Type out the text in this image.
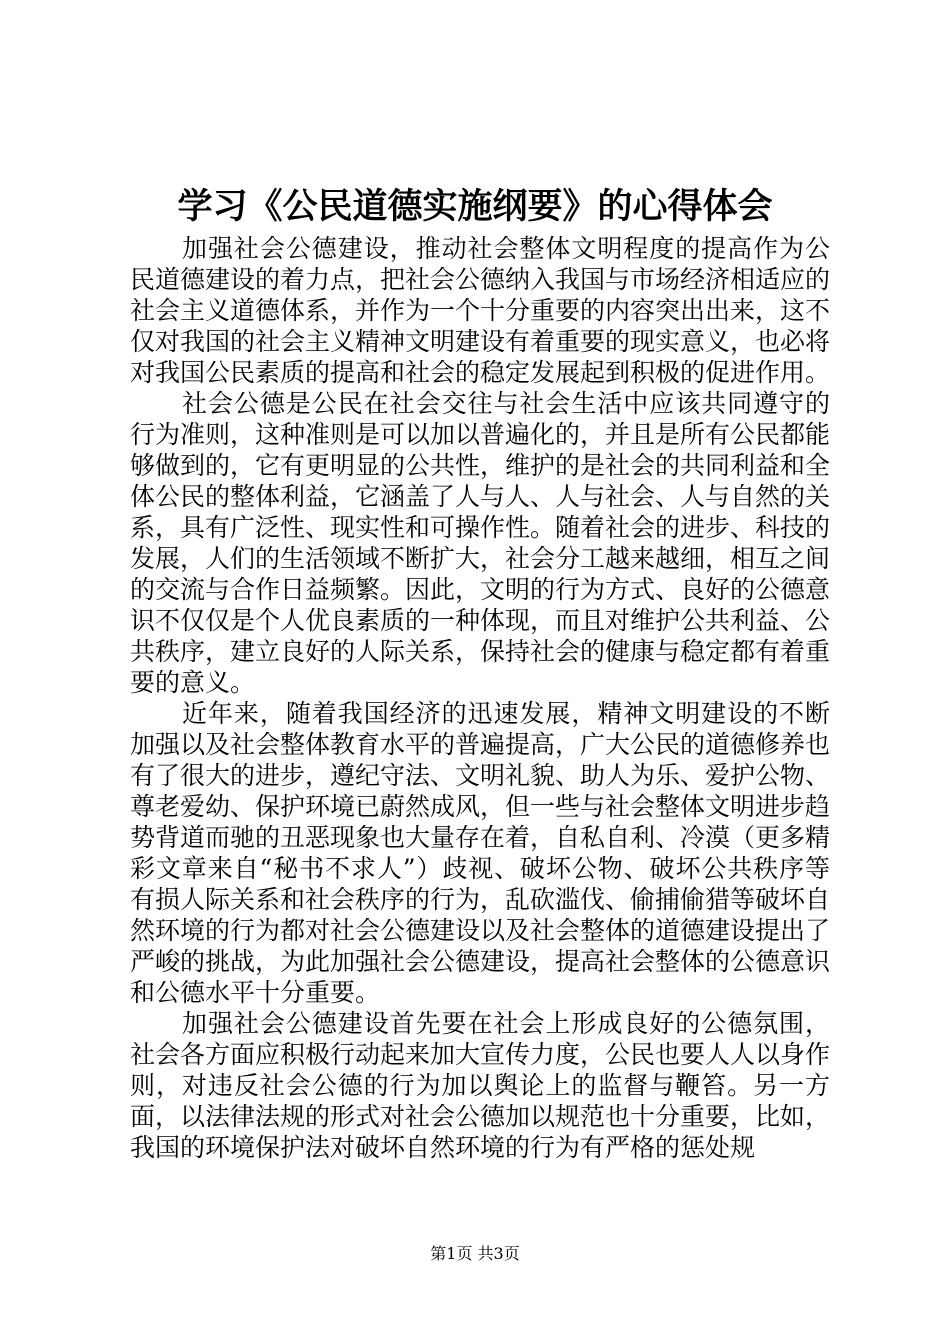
学习《公民道德实施纲要》的心得体会

加强社会公德建设，推动社会整体文明程度的提高作为公民道德建设的着力点，把社会公德纳入我国与市场经济相适应的社会主义道德体系，并作为一个十分重要的内容突出出来，这不仅对我国的社会主义精神文明建设有着重要的现实意义，也必将对我国公民素质的提高和社会的稳定发展起到积极的促进作用。

社会公德是公民在社会交往与社会生活中应该共同遵守的行为准则，这种准则是可以加以普遍化的，并且是所有公民都能够做到的，它有更明显的公共性，维护的是社会的共同利益和全体公民的整体利益，它涵盖了人与人、人与社会、人与自然的关系，具有广泛性、现实性和可操作性。随着社会的进步、科技的发展，人们的生活领域不断扩大，社会分工越来越细，相互之间的交流与合作日益频繁。因此，文明的行为方式、良好的公德意识不仅仅是个人优良素质的一种体现，而且对维护公共利益、公共秩序，建立良好的人际关系，保持社会的健康与稳定都有着重要的意义。

近年来，随着我国经济的迅速发展，精神文明建设的不断加强以及社会整体教育水平的普遍提高，广大公民的道德修养也有了很大的进步，遵纪守法、文明礼貌、助人为乐、爱护公物、尊老爱幼、保护环境已蔚然成风，但一些与社会整体文明进步趋势背道而驰的丑恶现象也大量存在着，自私自利、冷漠（更多精彩文章来自“秘书不求人”）歧视、破坏公物、破坏公共秩序等有损人际关系和社会秩序的行为，乱砍滥伐、偷捕偷猎等破坏自然环境的行为都对社会公德建设以及社会整体的道德建设提出了严峻的挑战，为此加强社会公德建设，提高社会整体的公德意识和公德水平十分重要。

加强社会公德建设首先要在社会上形成良好的公德氛围，社会各方面应积极行动起来加大宣传力度，公民也要人人以身作则，对违反社会公德的行为加以舆论上的监督与鞭笞。另一方面，以法律法规的形式对社会公德加以规范也十分重要，比如，我国的环境保护法对破坏自然环境的行为有严格的惩处规

第1页 共3页
